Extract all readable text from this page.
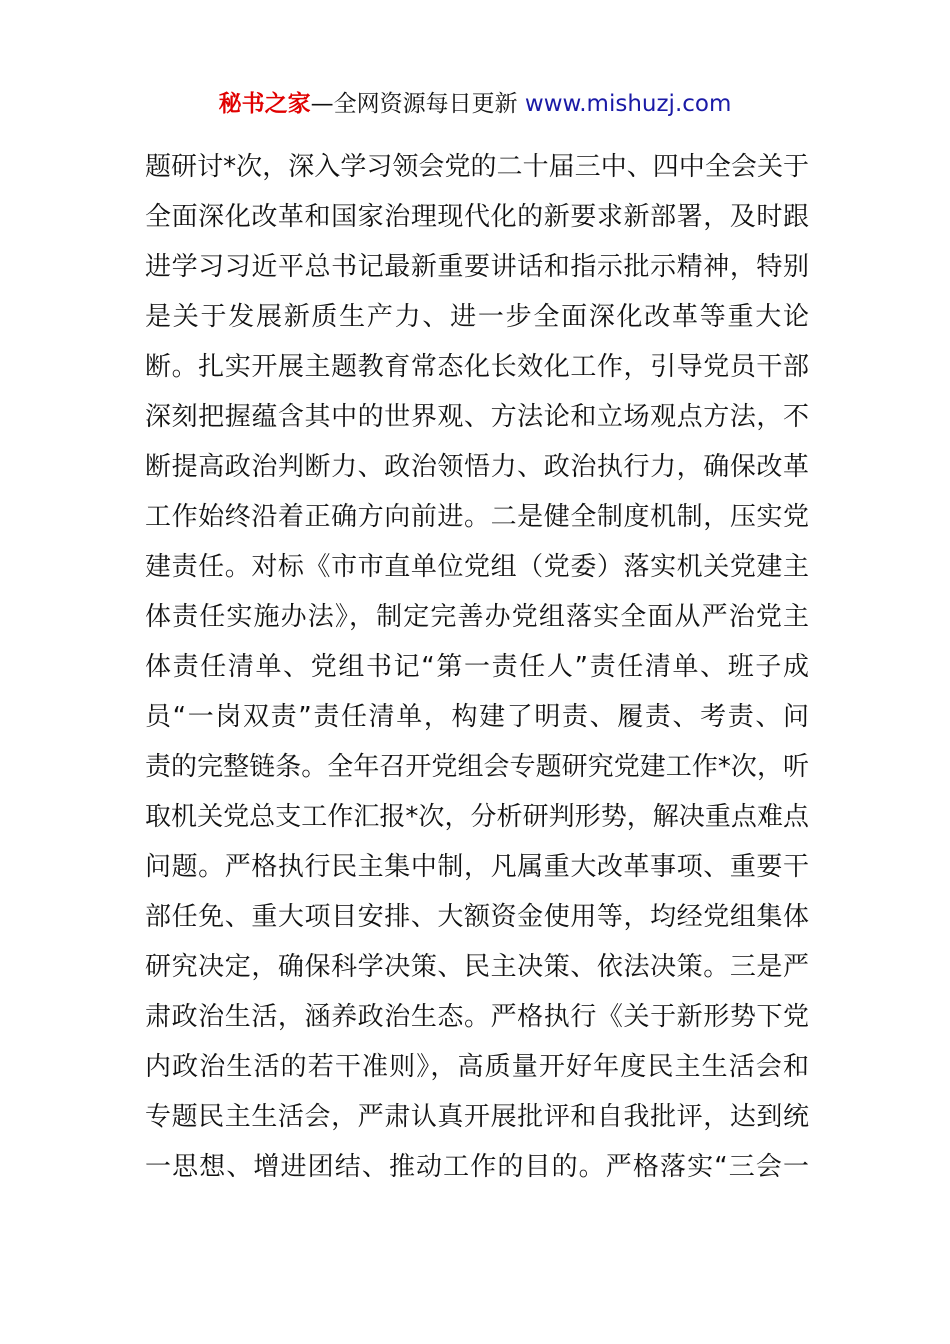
秘书之家—全网资源每日更新 www.mishuzj.com
题研讨*次，深入学习领会党的二十届三中、四中全会关于
全面深化改革和国家治理现代化的新要求新部署，及时跟
进学习习近平总书记最新重要讲话和指示批示精神，特别
是关于发展新质生产力、进一步全面深化改革等重大论
断。扎实开展主题教育常态化长效化工作，引导党员干部
深刻把握蕴含其中的世界观、方法论和立场观点方法，不
断提高政治判断力、政治领悟力、政治执行力，确保改革
工作始终沿着正确方向前进。二是健全制度机制，压实党
建责任。对标《市市直单位党组（党委）落实机关党建主
体责任实施办法》，制定完善办党组落实全面从严治党主
体责任清单、党组书记“第一责任人”责任清单、班子成
员“一岗双责”责任清单，构建了明责、履责、考责、问
责的完整链条。全年召开党组会专题研究党建工作*次，听
取机关党总支工作汇报*次，分析研判形势，解决重点难点
问题。严格执行民主集中制，凡属重大改革事项、重要干
部任免、重大项目安排、大额资金使用等，均经党组集体
研究决定，确保科学决策、民主决策、依法决策。三是严
肃政治生活，涵养政治生态。严格执行《关于新形势下党
内政治生活的若干准则》，高质量开好年度民主生活会和
专题民主生活会，严肃认真开展批评和自我批评，达到统
一思想、增进团结、推动工作的目的。严格落实“三会一
